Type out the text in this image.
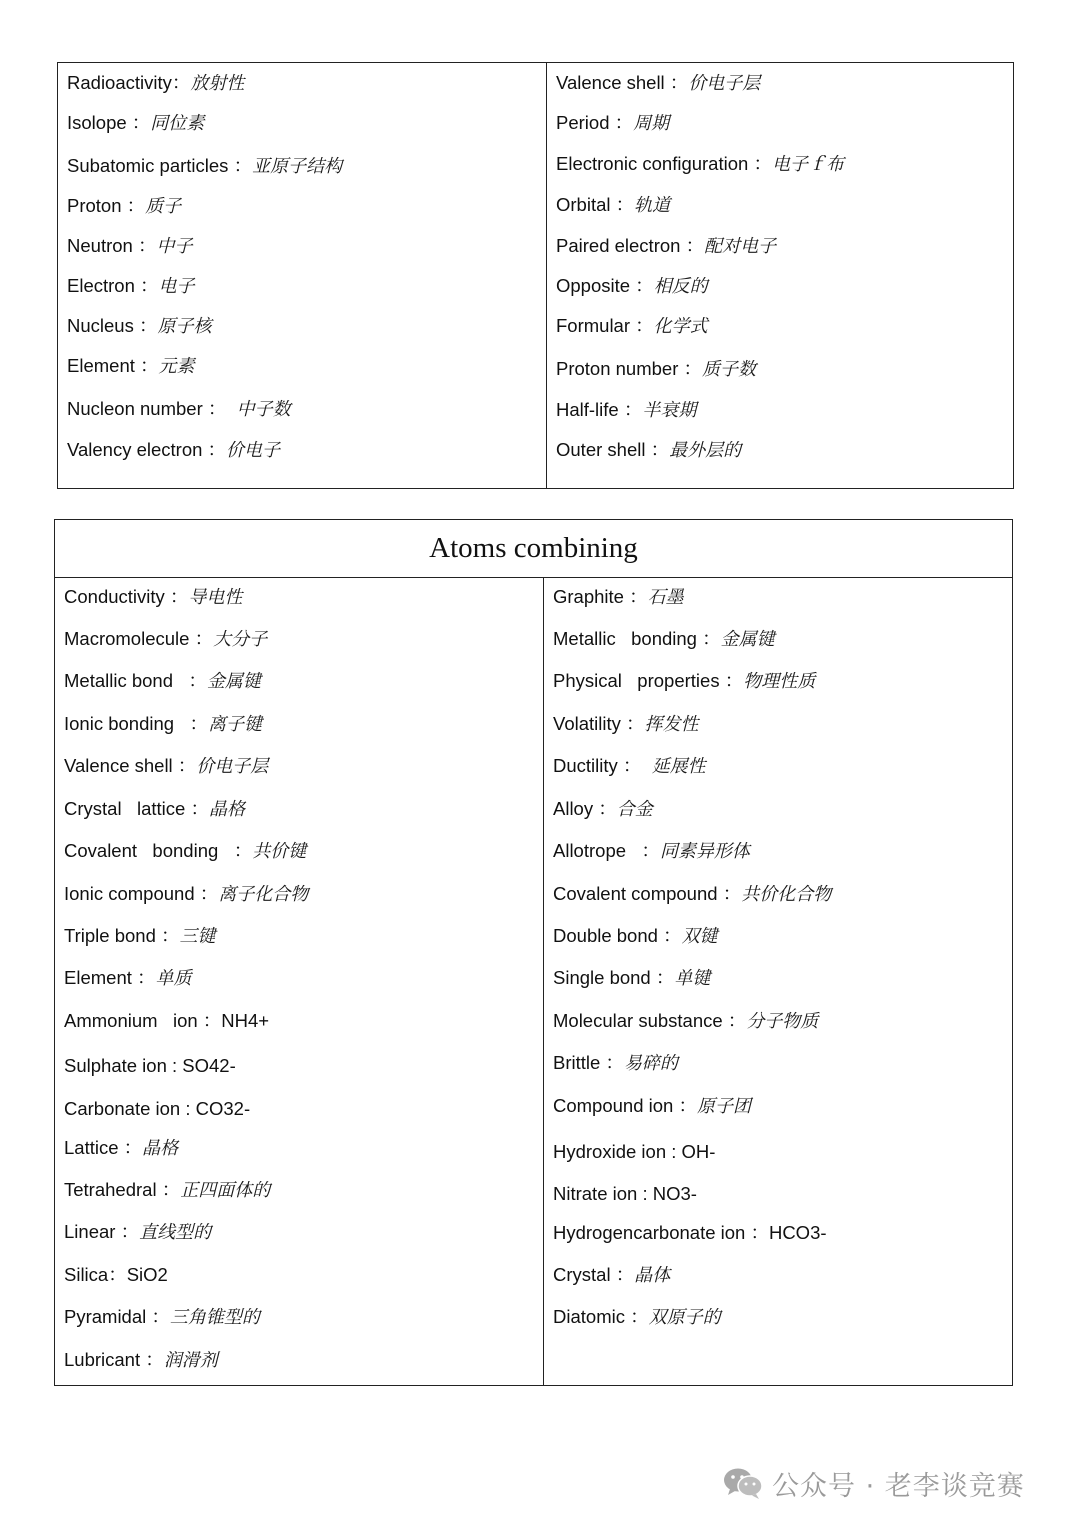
Radioactivity：放射性
Isolope ：同位素
Subatomic particles ：亚原子结构
Proton ：质子
Neutron ：中子
Electron ：电子
Nucleus ：原子核
Element ：元素
Nucleon number ：  中子数
Valency electron ：价电子
Valence shell ：价电子层
Period ：周期
Electronic configuration ：电子ｆ布
Orbital ：轨道
Paired electron ：配对电子
Opposite ：相反的
Formular ：化学式
Proton number ：质子数
Half-life ：半衰期
Outer shell ：最外层的
Atoms combining
Conductivity ：导电性
Macromolecule ：大分子
Metallic bond   ：金属键
Ionic bonding   ：离子键
Valence shell ：价电子层
Crystal   lattice ：晶格
Covalent   bonding   ：共价键
Ionic compound ：离子化合物
Triple bond ：三键
Element ：单质
Ammonium   ion ：NH4+
Sulphate ion : SO42-
Carbonate ion : CO32-
Lattice ：晶格
Tetrahedral ：正四面体的
Linear ：直线型的
Silica：SiO2
Pyramidal ：三角锥型的
Lubricant ：润滑剂
Graphite ：石墨
Metallic   bonding ：金属键
Physical   properties ：物理性质
Volatility ：挥发性
Ductility ：  延展性
Alloy ：合金
Allotrope   ：同素异形体
Covalent compound ：共价化合物
Double bond ：双键
Single bond ：单键
Molecular substance ：分子物质
Brittle ：易碎的
Compound ion ：原子团
Hydroxide ion : OH-
Nitrate ion : NO3-
Hydrogencarbonate ion ：HCO3-
Crystal ：晶体
Diatomic ：双原子的
公众号 · 老李谈竞赛
